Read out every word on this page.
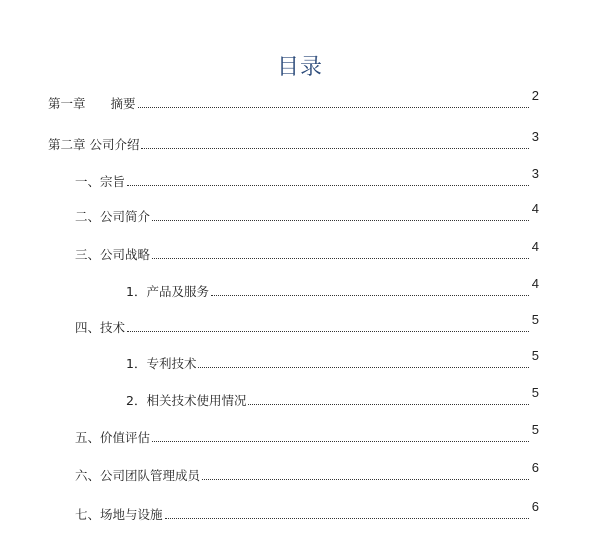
目录
第一章　　摘要
2
第二章 公司介绍
3
一、宗旨
3
二、公司简介
4
三、公司战略
4
1．产品及服务
4
四、技术
5
1．专利技术
5
2．相关技术使用情况
5
五、价值评估
5
六、公司团队管理成员
6
七、场地与设施
6
